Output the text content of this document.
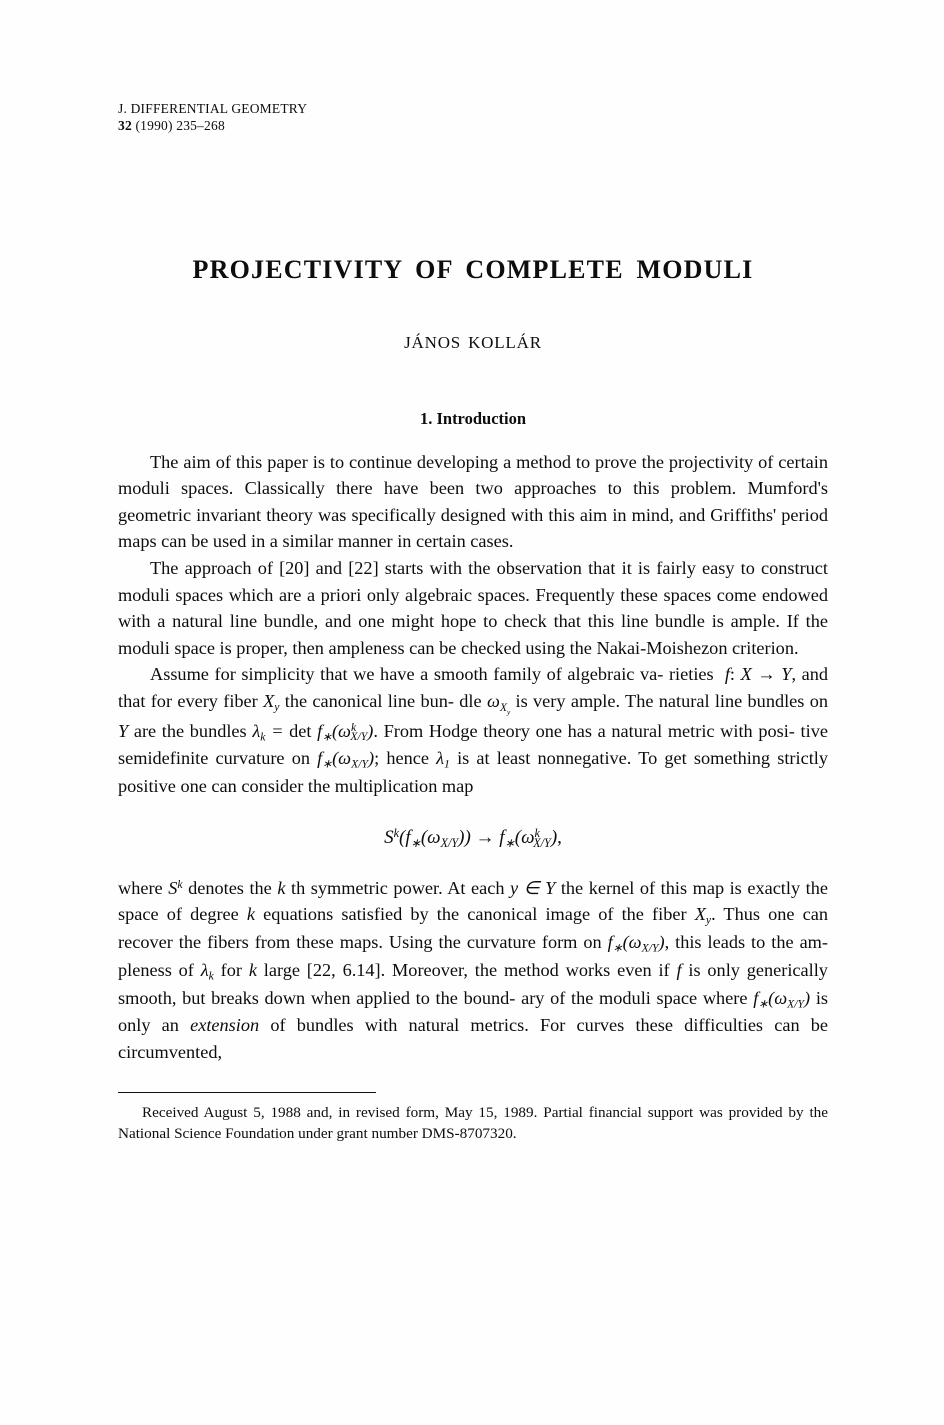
J. DIFFERENTIAL GEOMETRY
32 (1990) 235–268
PROJECTIVITY OF COMPLETE MODULI
JÁNOS KOLLÁR
1. Introduction

The aim of this paper is to continue developing a method to prove the projectivity of certain moduli spaces. Classically there have been two approaches to this problem. Mumford's geometric invariant theory was specifically designed with this aim in mind, and Griffiths' period maps can be used in a similar manner in certain cases.

The approach of [20] and [22] starts with the observation that it is fairly easy to construct moduli spaces which are a priori only algebraic spaces. Frequently these spaces come endowed with a natural line bundle, and one might hope to check that this line bundle is ample. If the moduli space is proper, then ampleness can be checked using the Nakai-Moishezon criterion.

Assume for simplicity that we have a smooth family of algebraic va- rieties  f: X → Y, and that for every fiber $X_y$ the canonical line bun- dle $\omega_{X_y}$ is very ample. The natural line bundles on Y are the bundles $\lambda_k = \det f_∗(\omega^k_{X/Y})$. From Hodge theory one has a natural metric with posi- tive semidefinite curvature on $f_∗(\omega_{X/Y})$; hence $\lambda_1$ is at least nonnegative. To get something strictly positive one can consider the multiplication map

$S^k(f_∗(\omega_{X/Y})) \to f_∗(\omega^k_{X/Y})$,

where $S^k$ denotes the k th symmetric power. At each y ∈ Y the kernel of this map is exactly the space of degree k equations satisfied by the canonical image of the fiber $X_y$. Thus one can recover the fibers from these maps. Using the curvature form on $f_∗(\omega_{X/Y})$, this leads to the am- pleness of $\lambda_k$ for k large [22, 6.14]. Moreover, the method works even if f is only generically smooth, but breaks down when applied to the bound- ary of the moduli space where $f_∗(\omega_{X/Y})$ is only an extension of bundles with natural metrics. For curves these difficulties can be circumvented,

Received August 5, 1988 and, in revised form, May 15, 1989. Partial financial support was provided by the National Science Foundation under grant number DMS-8707320.
